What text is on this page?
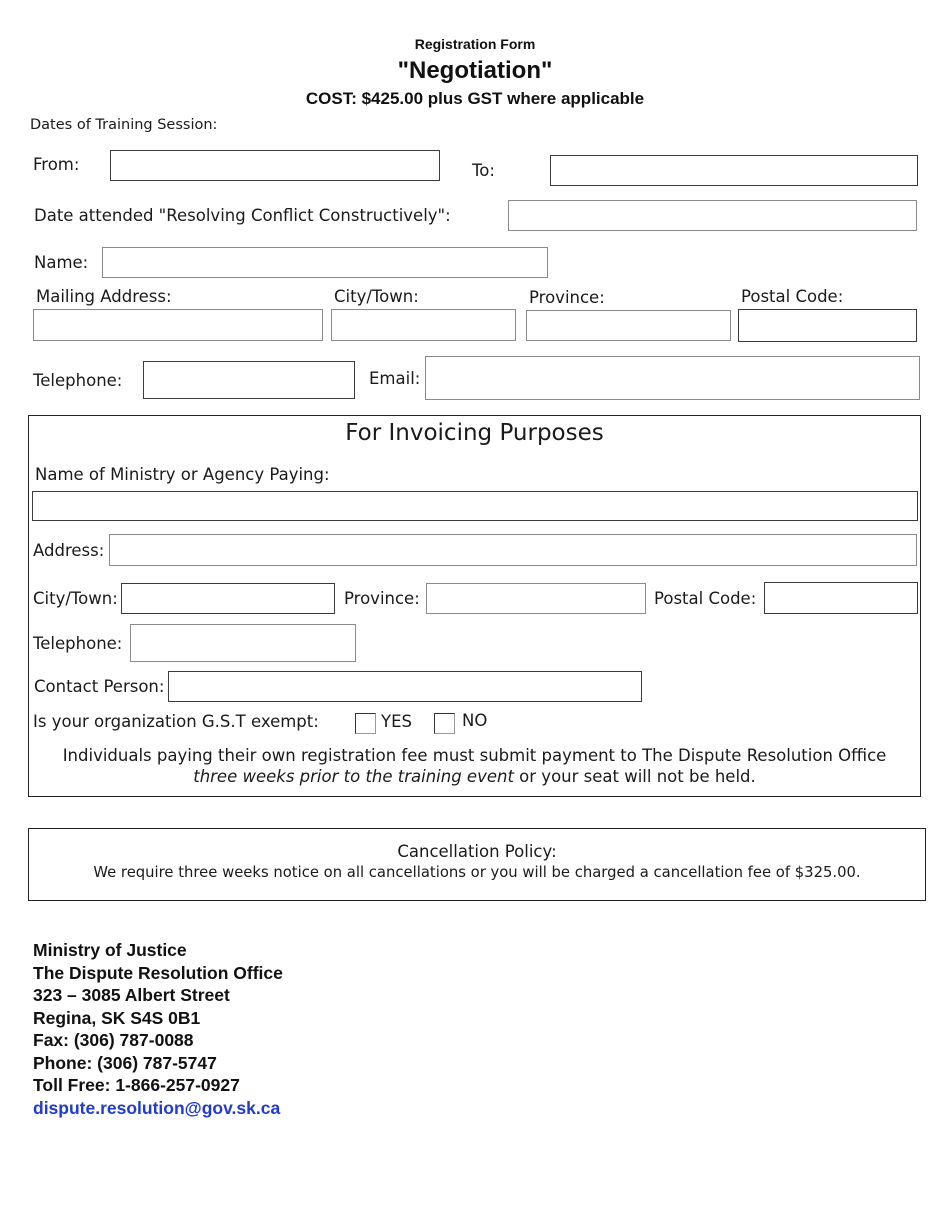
Registration Form
"Negotiation"
COST: $425.00 plus GST where applicable
Dates of Training Session:
From:	To:
Date attended "Resolving Conflict Constructively":
Name:
Mailing Address:	City/Town:	Province:	Postal Code:
Telephone:	Email:
For Invoicing Purposes
Name of Ministry or Agency Paying:
Address:
City/Town:	Province:	Postal Code:
Telephone:
Contact Person:
Is your organization G.S.T exempt:	YES	NO
Individuals paying their own registration fee must submit payment to The Dispute Resolution Office
three weeks prior to the training event or your seat will not be held.
Cancellation Policy:
We require three weeks notice on all cancellations or you will be charged a cancellation fee of $325.00.
Ministry of Justice
The Dispute Resolution Office
323 – 3085 Albert Street
Regina, SK S4S 0B1
Fax: (306) 787-0088
Phone: (306) 787-5747
Toll Free: 1-866-257-0927
dispute.resolution@gov.sk.ca
